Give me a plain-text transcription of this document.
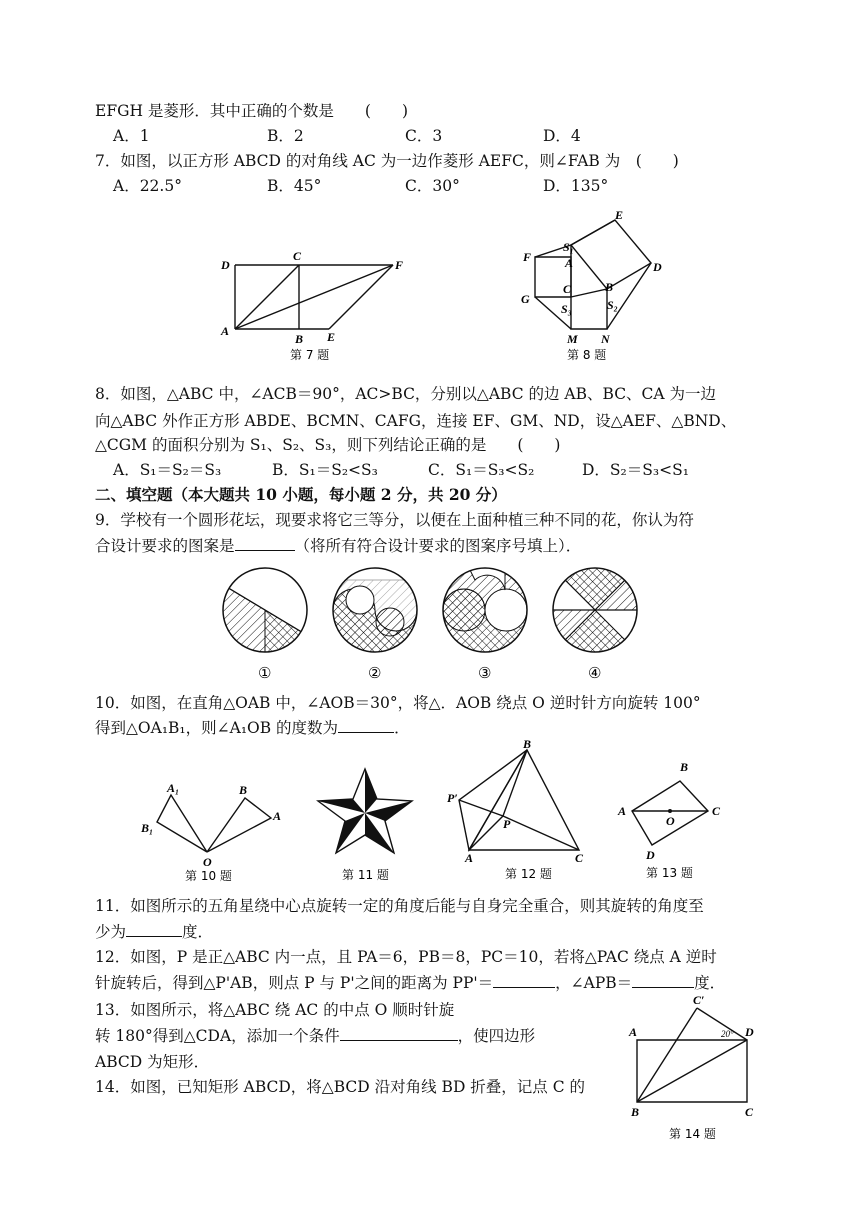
EFGH 是菱形．其中正确的个数是　　(　　)
A．1	B．2	C．3	D．4
7．如图，以正方形 ABCD 的对角线 AC 为一边作菱形 AEFC，则∠FAB 为　(　　)
A．22.5°	B．45°	C．30°	D．135°
D
C
F
A
B E
第 7 题
E
S₁
A
F
D
C	B
G
S₃	S₂
M N
第 8 题
8．如图，△ABC 中，∠ACB＝90°，AC>BC，分别以△ABC 的边 AB、BC、CA 为一边
向△ABC 外作正方形 ABDE、BCMN、CAFG，连接 EF、GM、ND，设△AEF、△BND、
△CGM 的面积分别为 S₁、S₂、S₃，则下列结论正确的是　　(　　)
A．S₁＝S₂＝S₃	B．S₁＝S₂<S₃	C．S₁＝S₃<S₂	D．S₂＝S₃<S₁
二、填空题（本大题共 10 小题，每小题 2 分，共 20 分）
9．学校有一个圆形花坛，现要求将它三等分，以便在上面种植三种不同的花，你认为符
合设计要求的图案是	（将所有符合设计要求的图案序号填上）．
①	②	③	④
10．如图，在直角△OAB 中，∠AOB＝30°，将△．AOB 绕点 O 逆时针方向旋转 100°
得到△OA₁B₁，则∠A₁OB 的度数为	．
A₁
B₁
B
A
O
第 10 题	第 11 题
B
P′
P
A	C
第 12 题
B
A
O
C
D
第 13 题
11．如图所示的五角星绕中心点旋转一定的角度后能与自身完全重合，则其旋转的角度至
少为	度．
12．如图，P 是正△ABC 内一点，且 PA＝6，PB＝8，PC＝10，若将△PAC 绕点 A 逆时
针旋转后，得到△P'AB，则点 P 与 P'之间的距离为 PP'＝	，∠APB＝	度．
13．如图所示，将△ABC 绕 AC 的中点 O 顺时针旋
转 180°得到△CDA，添加一个条件	，使四边形
ABCD 为矩形．
14．如图，已知矩形 ABCD，将△BCD 沿对角线 BD 折叠，记点 C 的
C′
A	D
20°
B	C
第 14 题
